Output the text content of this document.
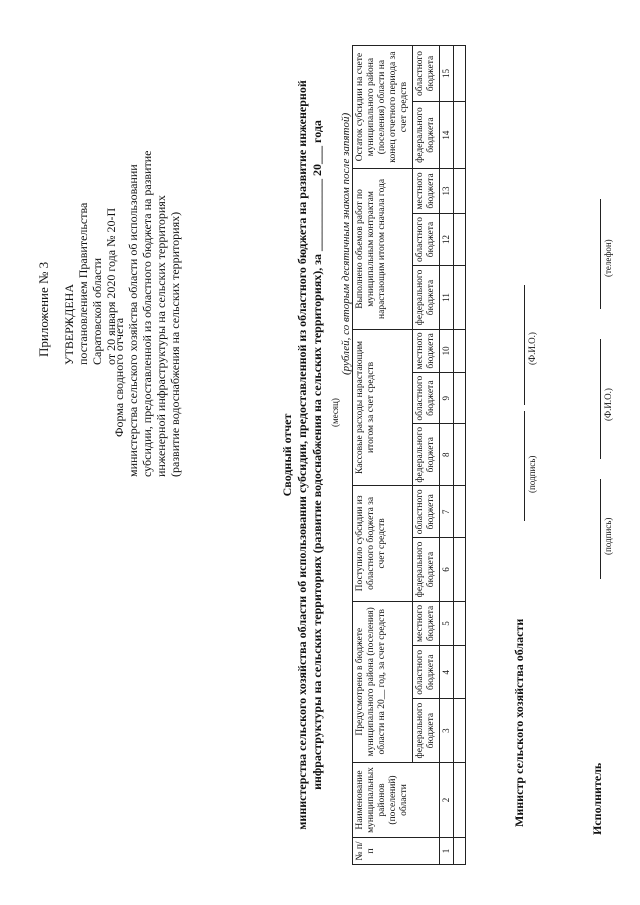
Приложение № 3 УТВЕРЖДЕНА постановлением Правительства Саратовской области от 20 января 2020 года № 20-П
Форма сводного отчета министерства сельского хозяйства области об использовании субсидии, предоставленной из областного бюджета на развитие инженерной инфраструктуры на сельских территориях (развитие водоснабжения на сельских территориях)	Сводный отчет министерства сельского хозяйства области об использовании субсидии, предоставленной из областного бюджета на развитие инженерной инфраструктуры на сельских территориях (развитие водоснабжения на сельских территориях), за ____________ 20___ года (месяц)
(рублей, со вторым десятичным знаком после запятой)
№ п/п	Наименование муниципальных районов (поселений) области	Предусмотрено в бюджете муниципального района (поселения) области на 20__ год, за счет средств			Поступило субсидии из областного бюджета за счет средств		Кассовые расходы нарастающим итогом за счет средств			Выполнено объемов работ по муниципальным контрактам нарастающим итогом сначала года			Остаток субсидии на счете муниципального района (поселения) области на конец отчетного периода за счет средств	
		федерального бюджета	областного бюджета	местного бюджета	федерального бюджета	областного бюджета	федерального бюджета	областного бюджета	местного бюджета	федерального бюджета	областного бюджета	местного бюджета	федерального бюджета	областного бюджета
1	2	3	4	5	6	7	8	9	10	11	12	13	14	15

Министр сельского хозяйства области
(подпись)
(Ф.И.О.)
Исполнитель
(подпись)
(Ф.И.О.)
(телефон)
